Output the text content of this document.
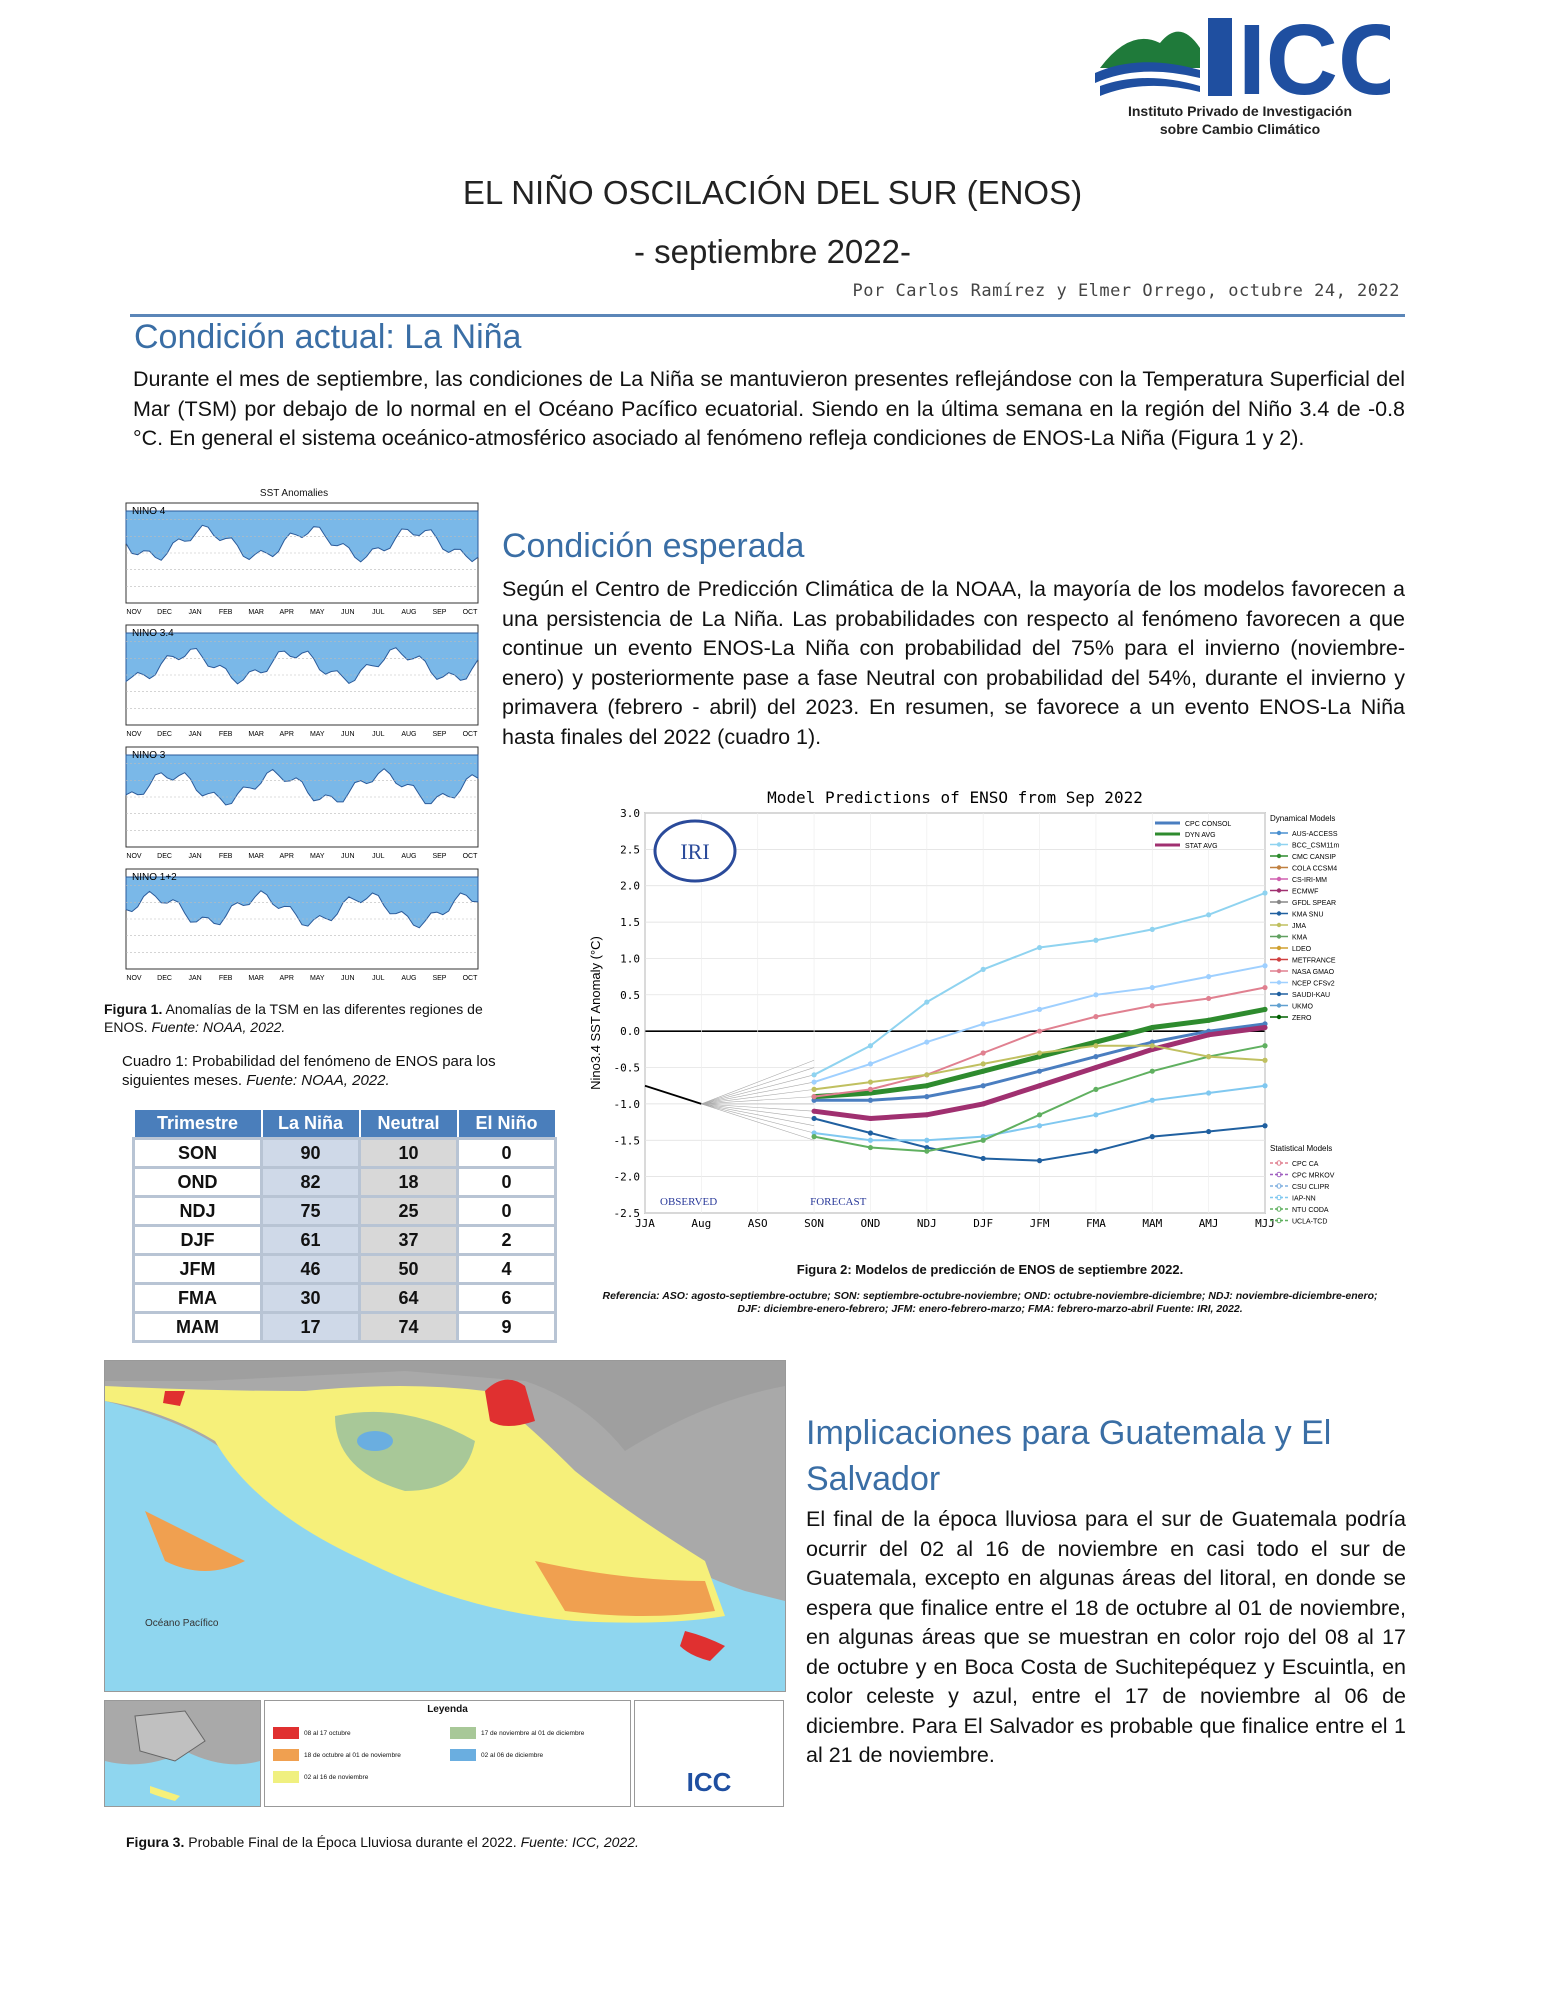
ICC
Instituto Privado de Investigación
sobre Cambio Climático
EL NIÑO OSCILACIÓN DEL SUR (ENOS)
- septiembre 2022-
Por Carlos Ramírez y Elmer Orrego, octubre 24, 2022
Condición actual: La Niña
Durante el mes de septiembre, las condiciones de La Niña se mantuvieron presentes reflejándose con la Temperatura Superficial del Mar (TSM) por debajo de lo normal en el Océano Pacífico ecuatorial. Siendo en la última semana en la región del Niño 3.4 de -0.8 °C. En general el sistema oceánico-atmosférico asociado al fenómeno refleja condiciones de ENOS-La Niña (Figura 1 y 2).
SST Anomalies
NINO 4
NOV DEC JAN FEB MAR APR MAY JUN	JUL AUG SEP OCT
NINO 3.4
NOV DEC JAN FEB MAR APR MAY JUN	JUL AUG SEP OCT
NINO 3
NOV DEC JAN FEB MAR APR MAY JUN	JUL AUG SEP OCT
NINO 1+2
NOV DEC JAN FEB MAR APR MAY JUN	JUL AUG SEP OCT
Figura 1. Anomalías de la TSM en las diferentes regiones de ENOS. Fuente: NOAA, 2022.
Cuadro 1: Probabilidad del fenómeno de ENOS para los siguientes meses. Fuente: NOAA, 2022.
Trimestre	La Niña	Neutral	El Niño
SON	90	10	0
OND	82	18	0
NDJ	75	25	0
DJF	61	37	2
JFM	46	50	4
FMA	30	64	6
MAM	17	74	9
Condición esperada
Según el Centro de Predicción Climática de la NOAA, la mayoría de los modelos favorecen a una persistencia de La Niña. Las probabilidades con respecto al fenómeno favorecen a que continue un evento ENOS-La Niña con probabilidad del 75% para el invierno (noviembre-enero) y posteriormente pase a fase Neutral con probabilidad del 54%, durante el invierno y primavera (febrero - abril) del 2023. En resumen, se favorece a un evento ENOS-La Niña hasta finales del 2022 (cuadro 1).
Model Predictions of ENSO from Sep 2022
3.0
2.5
2.0
1.5
1.0
0.5
0.0
-0.5
-1.0
-1.5
-2.0
-2.5
JJA	Aug	ASO	SON	OND	NDJ	DJF	JFM	FMA	MAM	AMJ	MJJ
Nino3.4 SST Anomaly (°C)
OBSERVED	FORECAST
IRI
CPC CONSOL
DYN AVG
STAT AVG
Dynamical Models
AUS-ACCESS
BCC_CSM11m
CMC CANSIP
COLA CCSM4
CS-IRI-MM
ECMWF
GFDL SPEAR
KMA SNU
JMA
KMA
LDEO
METFRANCE
NASA GMAO
NCEP CFSv2
SAUDI-KAU
UKMO
ZERO
Statistical Models
CPC CA
CPC MRKOV
CSU CLIPR
IAP-NN
NTU CODA
UCLA-TCD
Figura 2: Modelos de predicción de ENOS de septiembre 2022.
Referencia: ASO: agosto-septiembre-octubre; SON: septiembre-octubre-noviembre; OND: octubre-noviembre-diciembre; NDJ: noviembre-diciembre-enero; DJF: diciembre-enero-febrero; JFM: enero-febrero-marzo; FMA: febrero-marzo-abril Fuente: IRI, 2022.
Océano Pacífico
Leyenda
08 al 17 octubre
18 de octubre al 01 de noviembre
02 al 16 de noviembre
17 de noviembre al 01 de diciembre
02 al 06 de diciembre
ICC
Figura 3. Probable Final de la Época Lluviosa durante el 2022. Fuente: ICC, 2022.
Implicaciones para Guatemala y El
Salvador
El final de la época lluviosa para el sur de Guatemala podría ocurrir del 02 al 16 de noviembre en casi todo el sur de Guatemala, excepto en algunas áreas del litoral, en donde se espera que finalice entre el 18 de octubre al 01 de noviembre, en algunas áreas que se muestran en color rojo del 08 al 17 de octubre y en Boca Costa de Suchitepéquez y Escuintla, en color celeste y azul, entre el 17 de noviembre al 06 de diciembre. Para El Salvador es probable que finalice entre el 1 al 21 de noviembre.
